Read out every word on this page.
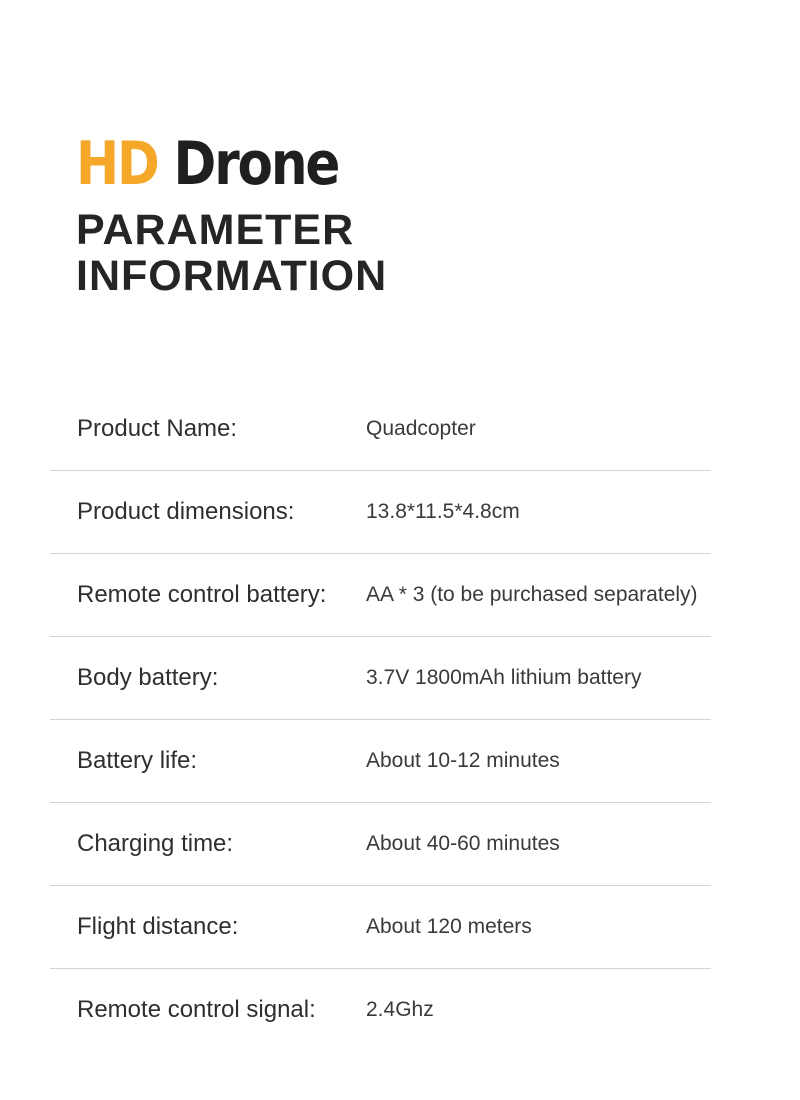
HD Drone
PARAMETER
INFORMATION
Product Name:	Quadcopter
Product dimensions:	13.8*11.5*4.8cm
Remote control battery: AA * 3 (to be purchased separately)
Body battery:	3.7V 1800mAh lithium battery
Battery life:	About 10-12 minutes
Charging time:	About 40-60 minutes
Flight distance:	About 120 meters
Remote control signal: 2.4Ghz
